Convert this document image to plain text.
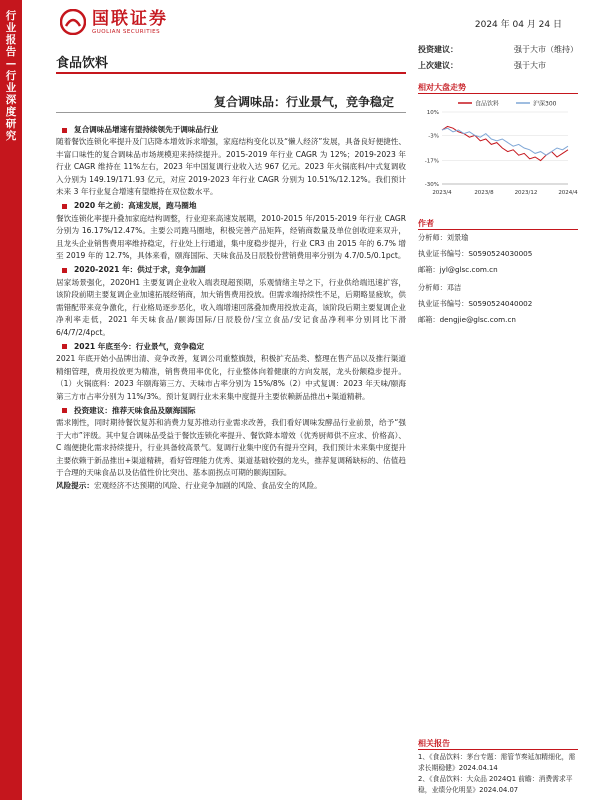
行业报告—行业深度研究
国联证券
GUOLIAN SECURITIES
2024 年 04 月 24 日
食品饮料
投资建议：	强于大市（维持）
上次建议：	强于大市
相对大盘走势
食品饮料	沪深300
10%
-3%
-17%
-30%
2023/4	2023/8	2023/12	2024/4
作者
分析师：刘景瑜
执业证书编号：S0590524030005
邮箱：jyl@glsc.com.cn
分析师：邓洁
执业证书编号：S0590524040002
邮箱：dengjie@glsc.com.cn
复合调味品：行业景气，竞争稳定
复合调味品增速有望持续领先于调味品行业
随着餐饮连锁化率提升及门店降本增效诉求增强，家庭结构变化以及“懒人经济”发展，具备良好便捷性、丰富口味性的复合调味品市场规模迎来持续提升。2015-2019 年行业 CAGR 为 12%；2019-2023 年行业 CAGR 维持在 11%左右，2023 年中国复调行业收入达 967 亿元。2023 年火锅底料/中式复调收入分别为 149.19/171.93 亿元，对应 2019-2023 年行业 CAGR 分别为 10.51%/12.12%。我们预计未来 3 年行业复合增速有望维持在双位数水平。
2020 年之前：高速发展，跑马圈地
餐饮连锁化率提升叠加家庭结构调整，行业迎来高速发展期，2010-2015 年/2015-2019 年行业 CAGR 分别为 16.17%/12.47%。主要公司跑马圈地，积极完善产品矩阵，经销商数量及单位创收迎来双升，且龙头企业销售费用率维持稳定，行业处上行通道，集中度稳步提升，行业 CR3 由 2015 年的 6.7% 增至 2019 年的 12.7%，具体来看，颐海国际、天味食品及日辰股份营销费用率分别为 4.7/0.5/0.1pct。
2020-2021 年：供过于求，竞争加剧
居家场景强化，2020H1 主要复调企业收入端表现超预期，乐观情绪主导之下，行业供给端迅速扩容，该阶段前期主要复调企业加速拓展经销商，加大销售费用投放。但需求端持续性不足，后期略显疲软，供需错配带来竞争激化，行业格局逐步恶化，收入端增速回落叠加费用投放走高，该阶段后期主要复调企业净利率走低，2021 年天味食品/颐海国际/日辰股份/宝立食品/安记食品净利率分别同比下滑 6/4/7/2/4pct。
2021 年底至今：行业景气，竞争稳定
2021 年底开始小品牌出清、竞争改善，复调公司重整旗鼓，积极扩充品类、整理在售产品以及推行渠道精细管理，费用投放更为精准，销售费用率优化，行业整体向着健康的方向发展，龙头份额稳步提升。（1）火锅底料：2023 年颐海第三方、天味市占率分别为 15%/8%（2）中式复调：2023 年天味/颐海第三方市占率分别为 11%/3%。预计复调行业未来集中度提升主要依赖新品推出+渠道精耕。
投资建议：推荐天味食品及颐海国际
需求刚性，同时期待餐饮复苏和消费力复苏推动行业需求改善，我们看好调味发酵品行业前景，给予“强于大市”评级。其中复合调味品受益于餐饮连锁化率提升、餐饮降本增效（优秀厨师供不应求、价格高）、C 端便捷化需求持续提升，行业具备较高景气。复调行业集中度仍有提升空间，我们预计未来集中度提升主要依赖于新品推出+渠道精耕，看好管理能力优秀、渠道基础较强的龙头，推荐复调稀缺标的、估值趋于合理的天味食品以及估值性价比突出、基本面拐点可期的颐海国际。
风险提示：宏观经济不达预期的风险、行业竞争加剧的风险、食品安全的风险。
相关报告
1、《食品饮料：茅台专题：需管节奏延加精细化，需求长期稳健》2024.04.14
2、《食品饮料：大众品 2024Q1 前瞻：消费需求平稳，业绩分化明显》2024.04.07
